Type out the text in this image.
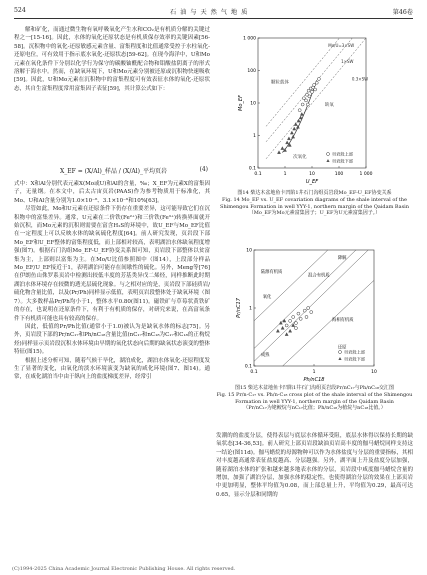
524	石 油 与 天 然 气 地 质	第46卷

解和矿化，而通过微生物有氧呼吸氧化产生水和CO₂是有机质分解的关键过程之一[15-16]。因此，水体的氧化还原状态是有机质保存效率的关键因素[56-58]。沉积物中的氧化-还原敏感元素含量、富集程度和比值通常受控于水柱氧化-还原电位，可有效用于指示底水氧化-还原状态[59-62]。在现今海洋中，U和Mo元素在氧化条件下分别以化学行为保守的碳酸铀酰配合物和钼酸盐阴离子的形式溶解于海水中。然而，在缺氧环境下，U和Mo元素分别被还原或沉积物快速吸收[59]。因此，U和Mo元素在沉积物中的富集程度可有效表征水体的氧化-还原状态，其自生富集程度常用富集因子表征[59]，其计算公式如下：

X_EF = (X/Al)_样品 / (X/Al)_平均页岩	(4)

式中：X和Al分别代表元素X(Mo或U)和Al的含量，‰；X_EF为元素X的富集因子，无量纲。在本文中，后太古宙页岩(PAAS)作为参考物质用于标准化，其Mo、U和Al含量分别为1.0×10⁻⁶、3.1×10⁻⁶和10%[63]。

尽管如此，Mo和U元素在还原条件下仍存在重要差异，这可能导致它们在沉积物中的富集差异。通常，U元素在二价铁(Fe²⁺)和三价铁(Fe³⁺)转换界面就开始沉积，而Mo元素的沉积则需要在富含H₂S的环境中，故U_EF与Mo_EF比值在一定程度上可以反映水体的缺氧硫化程度[64]。前人研究发现，页岩段下部Mo_EF和U_EF整体的富集程度低，而上部相对较高，表明湖泊水体缺氧程度增强(图7)。根据石门沟组Mo_EF-U_EF协变关系图可知，页岩段下部整体以贫富集为主，上部则以富集为主。在Mo/U比值参照图中（图14），上段部分样品Mo_EF/U_EF接近于1，表明湖泊可能存在间歇性的硫化。另外，Meng等[76]在伊朗鱼山侏罗系页岩中检测出较低丰度的芳基类异戊二烯烃，同样推断此时期湖泊水体环境存在较微的透光层硫化现象。与之相对应的是，页岩段下部硅质岩/硫化物含量比值，以及(Pr/Ph)同样显示低值，表明页岩段整体处于缺氧环境（图7）。大多数样品Pr/Ph均小于1，整体水平0.80(图11)。磁铁矿与草莓状黄铁矿的存在，也说明在还原条件下，有利于有机质的保存，对研究来说，在高富氧条件下有机质可能也具有较高的保存。

因此，低值的Pr/Ph比值(通常小于1.0)被认为是缺氧水体的标志[75]。另外，页岩段下部的Pr/nC₁₇和Ph/nC₁₈含量比值(nC₁₇和nC₁₈为C₁₇和C₁₈的正构烷烃)同样显示页岩段沉积水体环境由早期的氧化状态向后期的缺氧状态演变的整体特征(图15)。

根据上述分析可知，随着气候干旱化，湖泊成化，湖泊水体氧化-还原程度发生了显著的变化，由氧化的淡水环境演变为缺氧的咸化环境(图7、图14)。通常，在咸化湖泊当中由于纵向上的盐度梯度差异，经常引

0.1	1	10	100	1 000
0.1
1
10
100
1 000
U_EF
Mo_EF
Mo/U=3×SW
1×SW
0.3×SW
颗粒载体
缺氧
次氧化
页岩段上部
页岩段下部
图14 柴达木盆地鱼卡凹陷1井石门沟组页岩段Mo_EF-U_EF协变关系
Fig. 14 Mo_EF vs. U_EF covariation diagrams of the shale interval of the Shimengou Formation in well YYY-1, northern margin of the Qaidam Basin
（Mo_EF为Mo元素富集因子；U_EF为U元素富集因子。）
0.1	1	10
0.1
1
10
Ph/nC18
Pr/nC17
陆源有机质
混合有机质
海相有机质
氧化
还原
成熟
降解
页岩段上部
页岩段下部
图15 柴达木盆地鱼卡凹陷1井石门沟组页岩段Pr/nC₁₇与Ph/nC₁₈交汇图
Fig. 15 Pr/n-C₁₇ vs. Ph/n-C₁₈ cross plot of the shale interval of the Shimengou Formation in well YYY-1, northern margin of the Qaidam Basin
（Pr/nC₁₇为姥鲛烷与nC₁₇比值；Ph/nC₁₈为植烷与nC₁₈比值。）

发潮的的盐度分层，使得表层与底层水体循环受阻，底层水体得以保持长期的缺氧状态[34-36,53]。前人研究上部页岩段缺油页岩高丰度的伽马蜡烷同样支持这一结论(图11d)。伽马蜡烷的母源物种可以作为水体盐度与分层的重要指标，其相对丰度越高通常表征盐度越高、分层越强。另外，湖平面上升及盐度分层加强，随着湖泊水体的扩张和越来越多地表水体的分层，页岩段中咸度伽马蜡烷含量的增加，加强了湖泊分层，加强水体的稳定性，也使得湖泊分层的效果在上部页岩中更加明显，整体平均值为0.08，而上部总量上升，平均值为0.29，最高可达0.65，显示分层和同期的

(C)1994-2025 China Academic Journal Electronic Publishing House. All rights reserved.
